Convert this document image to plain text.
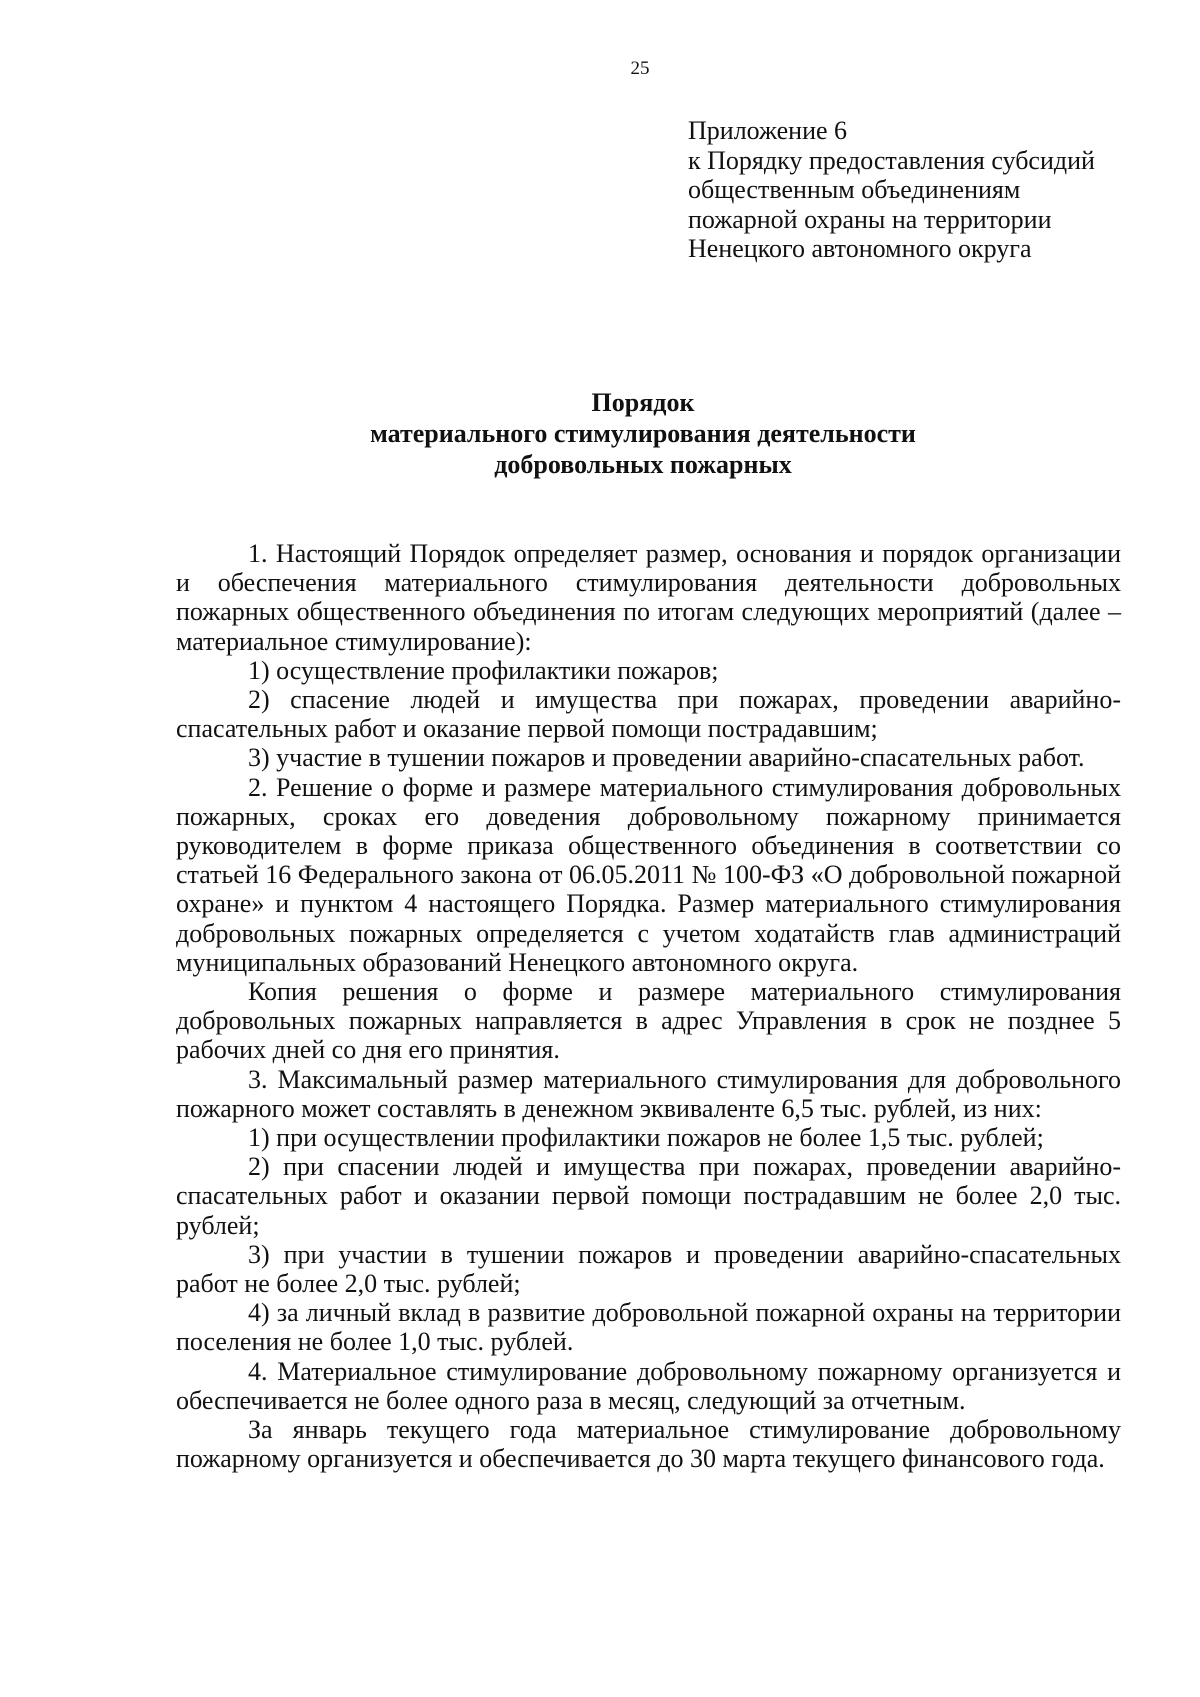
25
Приложение 6
к Порядку предоставления субсидий
общественным объединениям
пожарной охраны на территории
Ненецкого автономного округа
Порядок
материального стимулирования деятельности
добровольных пожарных

1. Настоящий Порядок определяет размер, основания и порядок организации и обеспечения материального стимулирования деятельности добровольных пожарных общественного объединения по итогам следующих мероприятий (далее – материальное стимулирование):

1) осуществление профилактики пожаров;

2) спасение людей и имущества при пожарах, проведении аварийно-спасательных работ и оказание первой помощи пострадавшим;

3) участие в тушении пожаров и проведении аварийно-спасательных работ.

2. Решение о форме и размере материального стимулирования добровольных пожарных, сроках его доведения добровольному пожарному принимается руководителем в форме приказа общественного объединения в соответствии со статьей 16 Федерального закона от 06.05.2011 № 100-ФЗ «О добровольной пожарной охране» и пунктом 4 настоящего Порядка. Размер материального стимулирования добровольных пожарных определяется с учетом ходатайств глав администраций муниципальных образований Ненецкого автономного округа.

Копия решения о форме и размере материального стимулирования добровольных пожарных направляется в адрес Управления в срок не позднее 5 рабочих дней со дня его принятия.

3. Максимальный размер материального стимулирования для добровольного пожарного может составлять в денежном эквиваленте 6,5 тыс. рублей, из них:

1) при осуществлении профилактики пожаров не более 1,5 тыс. рублей;

2) при спасении людей и имущества при пожарах, проведении аварийно-спасательных работ и оказании первой помощи пострадавшим не более 2,0 тыс. рублей;

3) при участии в тушении пожаров и проведении аварийно-спасательных работ не более 2,0 тыс. рублей;

4) за личный вклад в развитие добровольной пожарной охраны на территории поселения не более 1,0 тыс. рублей.

4. Материальное стимулирование добровольному пожарному организуется и обеспечивается не более одного раза в месяц, следующий за отчетным.

За январь текущего года материальное стимулирование добровольному пожарному организуется и обеспечивается до 30 марта текущего финансового года.
